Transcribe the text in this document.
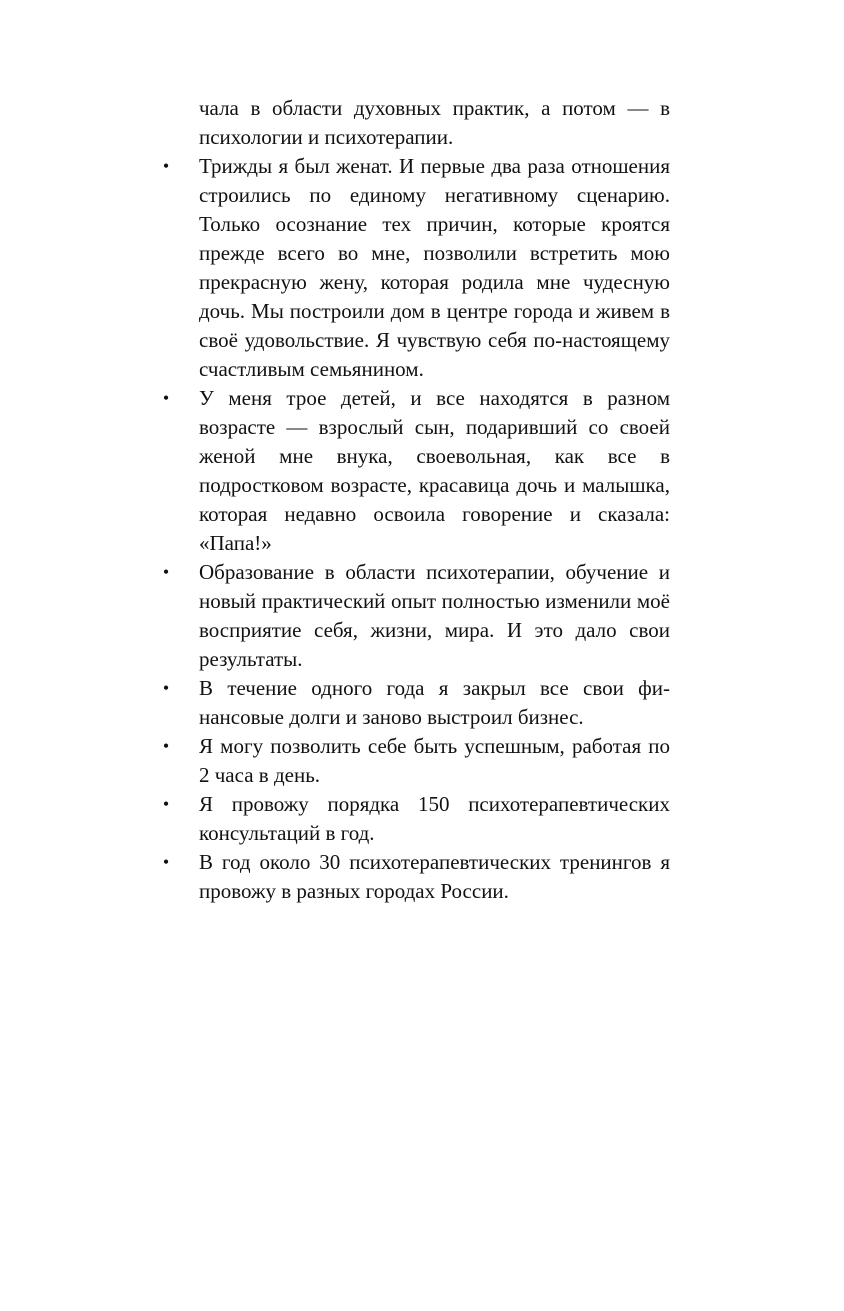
чала в области духовных практик, а потом — в психологии и психотерапии.

• Трижды я был женат. И первые два раза отношения строились по единому негативному сценарию. Только осознание тех причин, которые кроятся прежде всего во мне, позволили встретить мою прекрасную жену, которая родила мне чудесную дочь. Мы построили дом в центре города и живем в своё удовольствие. Я чувствую себя по-настоящему счастливым семьянином.
• У меня трое детей, и все находятся в разном возрасте — взрослый сын, подаривший со своей женой мне внука, своевольная, как все в подростковом возрасте, красавица дочь и малышка, которая недавно освоила говорение и сказала: «Папа!»
• Образование в области психотерапии, обучение и новый практический опыт полностью изменили моё восприятие себя, жизни, мира. И это дало свои результаты.
• В течение одного года я закрыл все свои финансовые долги и заново выстроил бизнес.
• Я могу позволить себе быть успешным, работая по 2 часа в день.
• Я провожу порядка 150 психотерапевтических консультаций в год.
• В год около 30 психотерапевтических тренингов я провожу в разных городах России.
